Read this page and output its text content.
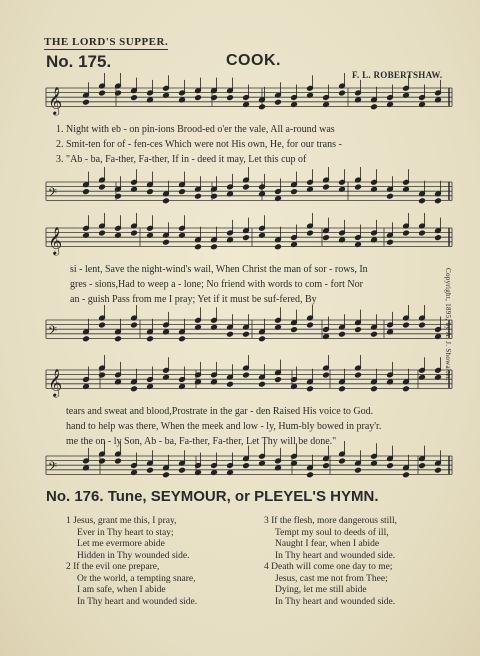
THE LORD'S SUPPER.
No. 175.	COOK.
F. L. ROBERTSHAW.
𝄞
𝄢
𝄞
𝄢
𝄞
𝄢
1. Night with eb - on pin-ions Brood-ed o'er the vale, All a-round was
2. Smit-ten for of - fen-ces Which were not His own, He, for our trans -
3. "Ab - ba, Fa-ther, Fa-ther, If in - deed it may, Let this cup of
si - lent, Save the night-wind's wail, When Christ the man of sor - rows, In
gres - sions,Had to weep a - lone; No friend with words to com - fort Nor
an - guish Pass from me I pray; Yet if it must be suf-fered, By
tears and sweat and blood,Prostrate in the gar - den Raised His voice to God.
hand to help was there, When the meek and low - ly, Hum-bly bowed in pray'r.
me the on - ly Son, Ab - ba, Fa-ther, Fa-ther, Let Thy will be done."
Copyright, 1895, by A. J. Showalter.
No. 176. Tune, SEYMOUR, or PLEYEL'S HYMN.
1 Jesus, grant me this, I pray,
Ever in Thy heart to stay;
Let me evermore abide
Hidden in Thy wounded side.
2 If the evil one prepare,
Or the world, a tempting snare,
I am safe, when I abide
In Thy heart and wounded side.
3 If the flesh, more dangerous still,
Tempt my soul to deeds of ill,
Naught I fear, when I abide
In Thy heart and wounded side.
4 Death will come one day to me;
Jesus, cast me not from Thee;
Dying, let me still abide
In Thy heart and wounded side.
